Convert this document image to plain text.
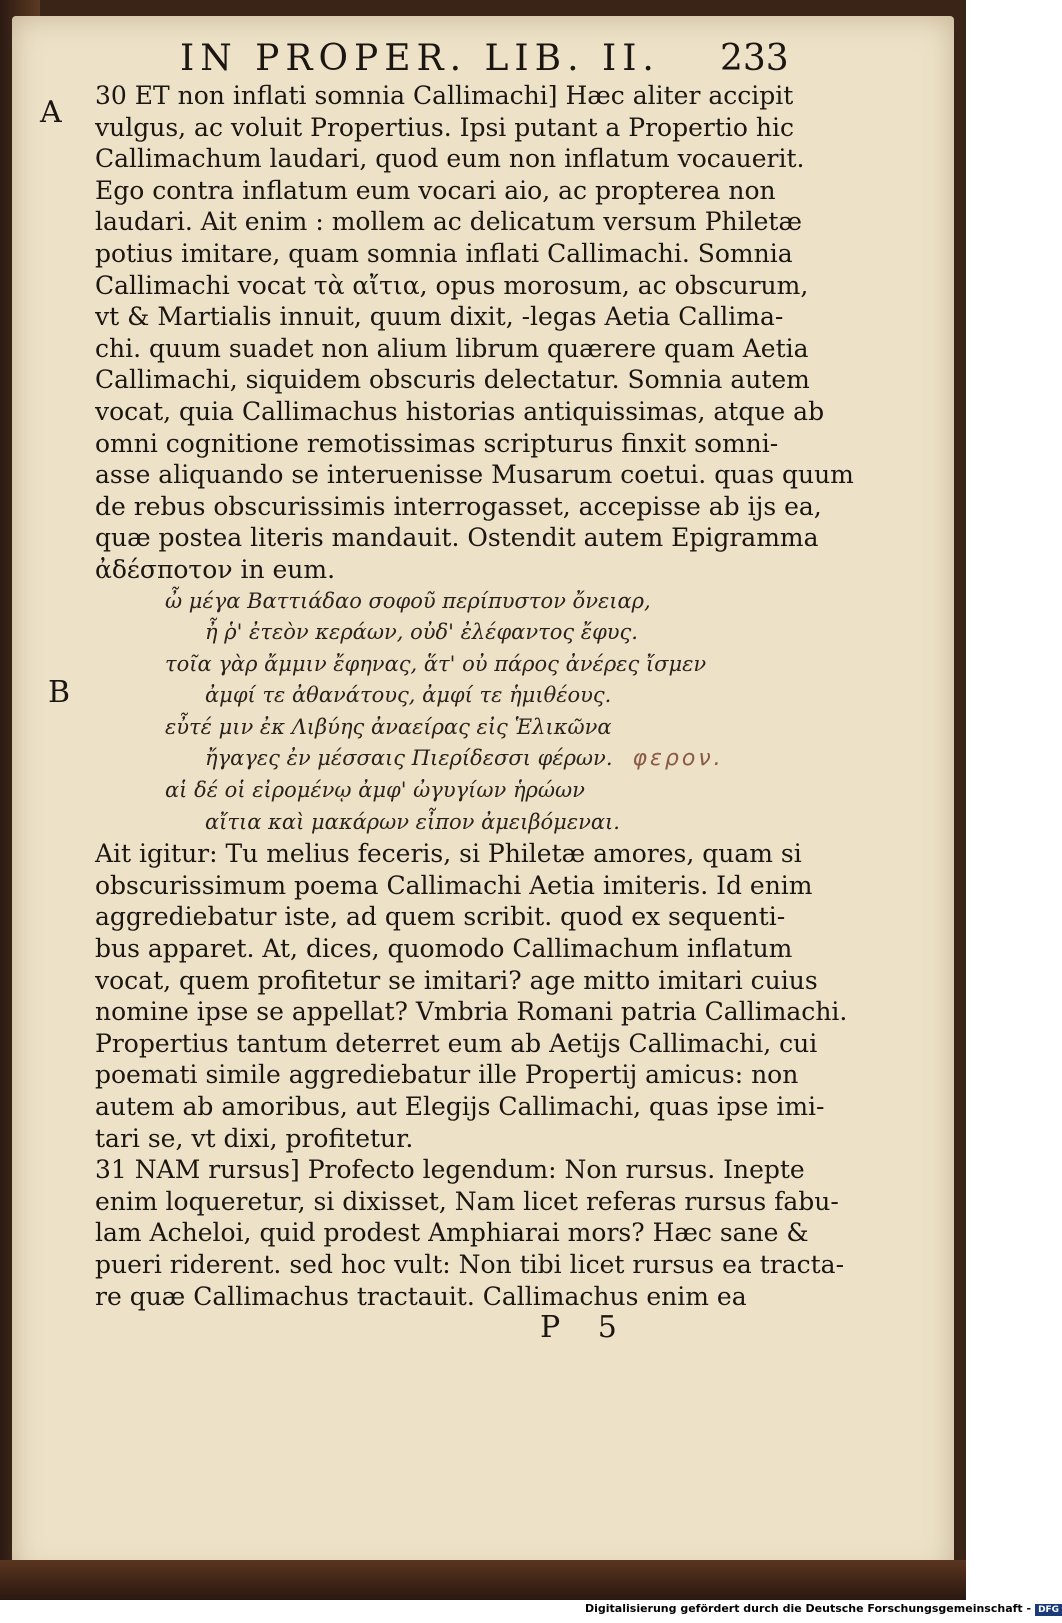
IN PROPER. LIB. II.	233
A
B
30 ET non inflati somnia Callimachi] Hæc aliter accipit
vulgus, ac voluit Propertius. Ipsi putant a Propertio hic
Callimachum laudari, quod eum non inflatum vocauerit.
Ego contra inflatum eum vocari aio, ac propterea non
laudari. Ait enim : mollem ac delicatum versum Philetæ
potius imitare, quam somnia inflati Callimachi. Somnia
Callimachi vocat τὰ αἴτια, opus morosum, ac obscurum,
vt & Martialis innuit, quum dixit, -legas Aetia Callima-
chi. quum suadet non alium librum quærere quam Aetia
Callimachi, siquidem obscuris delectatur. Somnia autem
vocat, quia Callimachus historias antiquissimas, atque ab
omni cognitione remotissimas scripturus finxit somni-
asse aliquando se interuenisse Musarum coetui. quas quum
de rebus obscurissimis interrogasset, accepisse ab ijs ea,
quæ postea literis mandauit. Ostendit autem Epigramma
ἀδέσποτον in eum.
ὦ μέγα Βαττιάδαο σοφοῦ περίπυστον ὄνειαρ,
ἦ ῥ' ἐτεὸν κεράων, οὐδ' ἐλέφαντος ἔφυς.
τοῖα γὰρ ἄμμιν ἔφηνας, ἅτ' οὐ πάρος ἀνέρες ἴσμεν
ἀμφί τε ἀθανάτους, ἀμφί τε ἡμιθέους.
εὖτέ μιν ἐκ Λιβύης ἀναείρας εἰς Ἑλικῶνα
ἤγαγες ἐν μέσσαις Πιερίδεσσι φέρων. φερον.
αἱ δέ οἱ εἰρομένῳ ἀμφ' ὠγυγίων ἡρώων
αἴτια καὶ μακάρων εἶπον ἀμειβόμεναι.
Ait igitur: Tu melius feceris, si Philetæ amores, quam si
obscurissimum poema Callimachi Aetia imiteris. Id enim
aggrediebatur iste, ad quem scribit. quod ex sequenti-
bus apparet. At, dices, quomodo Callimachum inflatum
vocat, quem profitetur se imitari? age mitto imitari cuius
nomine ipse se appellat? Vmbria Romani patria Callimachi.
Propertius tantum deterret eum ab Aetijs Callimachi, cui
poemati simile aggrediebatur ille Propertij amicus: non
autem ab amoribus, aut Elegijs Callimachi, quas ipse imi-
tari se, vt dixi, profitetur.
31 NAM rursus] Profecto legendum: Non rursus. Inepte
enim loqueretur, si dixisset, Nam licet referas rursus fabu-
lam Acheloi, quid prodest Amphiarai mors? Hæc sane &
pueri riderent. sed hoc vult: Non tibi licet rursus ea tracta-
re quæ Callimachus tractauit. Callimachus enim ea
P 5
Digitalisierung gefördert durch die Deutsche Forschungsgemeinschaft - DFG
